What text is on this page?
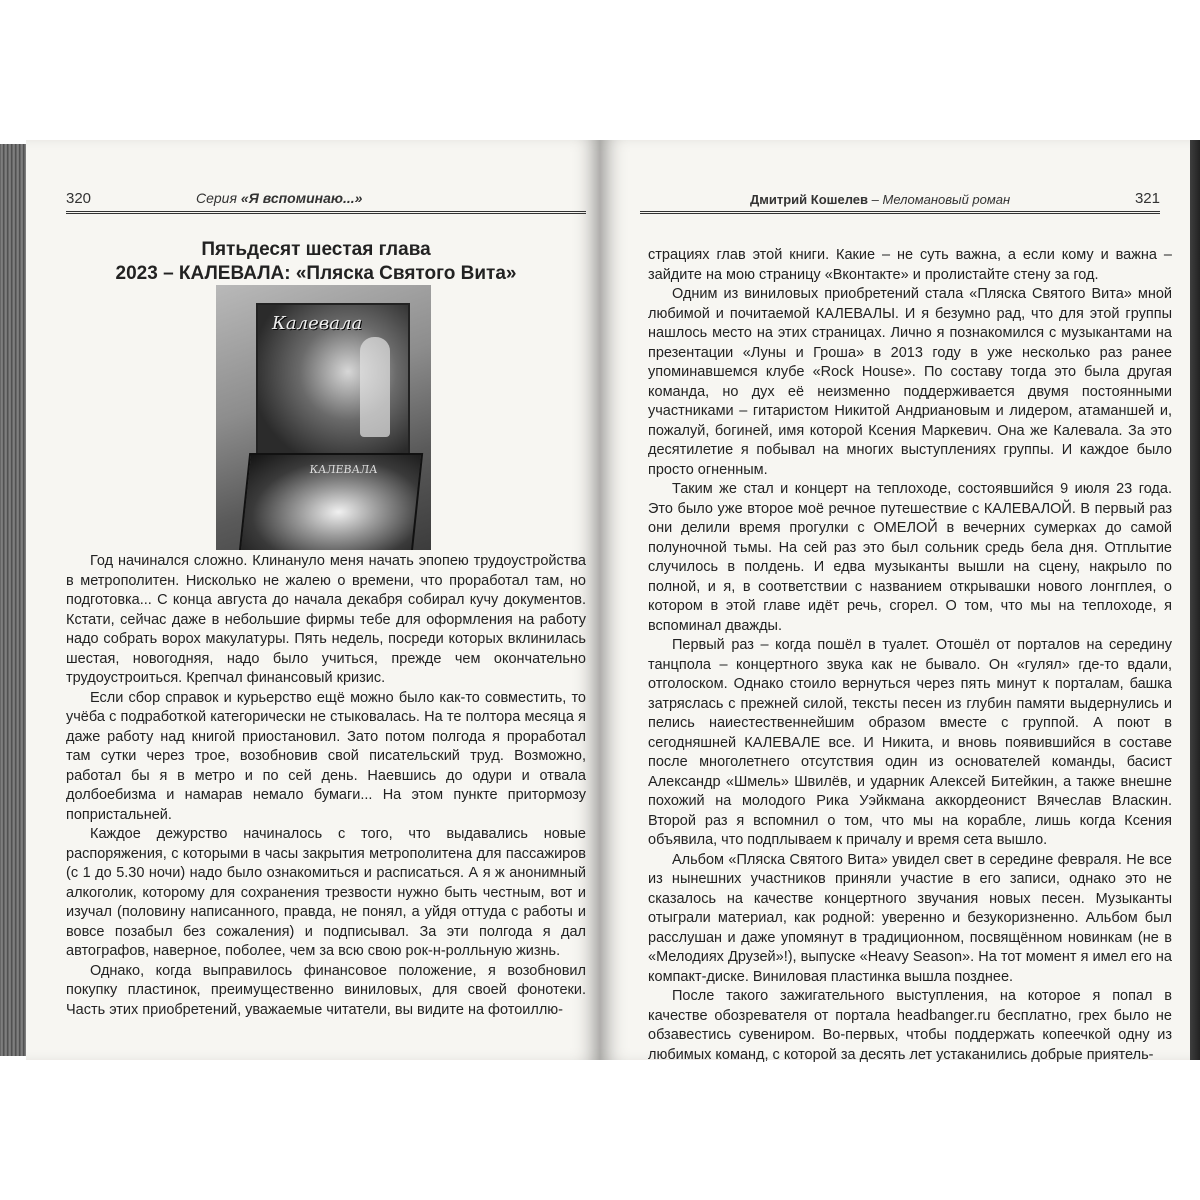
320	Серия «Я вспоминаю...»
Пятьдесят шестая глава
2023 – КАЛЕВАЛА: «Пляска Святого Вита»
Калевала
КАЛЕВАЛА

Год начинался сложно. Клинануло меня начать эпопею трудоустройства в метрополитен. Нисколько не жалею о времени, что проработал там, но подготовка... С конца августа до начала декабря собирал кучу документов. Кстати, сейчас даже в небольшие фирмы тебе для оформления на работу надо собрать ворох макулатуры. Пять недель, посреди которых вклинилась шестая, новогодняя, надо было учиться, прежде чем окончательно трудоустроиться. Крепчал финансовый кризис.

Если сбор справок и курьерство ещё можно было как-то совместить, то учёба с подработкой категорически не стыковалась. На те полтора месяца я даже работу над книгой приостановил. Зато потом полгода я проработал там сутки через трое, возобновив свой писательский труд. Возможно, работал бы я в метро и по сей день. Наевшись до одури и отвала долбоебизма и намарав немало бумаги... На этом пункте притормозу попристальней.

Каждое дежурство начиналось с того, что выдавались новые распоряжения, с которыми в часы закрытия метрополитена для пассажиров (с 1 до 5.30 ночи) надо было ознакомиться и расписаться. А я ж анонимный алкоголик, которому для сохранения трезвости нужно быть честным, вот и изучал (половину написанного, правда, не понял, а уйдя оттуда с работы и вовсе позабыл без сожаления) и подписывал. За эти полгода я дал автографов, наверное, поболее, чем за всю свою рок-н-ролльную жизнь.

Однако, когда выправилось финансовое положение, я возобновил покупку пластинок, преимущественно виниловых, для своей фонотеки. Часть этих приобретений, уважаемые читатели, вы видите на фотоиллю-

Дмитрий Кошелев – Меломановый роман	321

страциях глав этой книги. Какие – не суть важна, а если кому и важна – зайдите на мою страницу «Вконтакте» и пролистайте стену за год.

Одним из виниловых приобретений стала «Пляска Святого Вита» мной любимой и почитаемой КАЛЕВАЛЫ. И я безумно рад, что для этой группы нашлось место на этих страницах. Лично я познакомился с музыкантами на презентации «Луны и Гроша» в 2013 году в уже несколько раз ранее упоминавшемся клубе «Rock House». По составу тогда это была другая команда, но дух её неизменно поддерживается двумя постоянными участниками – гитаристом Никитой Андриановым и лидером, атаманшей и, пожалуй, богиней, имя которой Ксения Маркевич. Она же Калевала. За это десятилетие я побывал на многих выступлениях группы. И каждое было просто огненным.

Таким же стал и концерт на теплоходе, состоявшийся 9 июля 23 года. Это было уже второе моё речное путешествие с КАЛЕВАЛОЙ. В первый раз они делили время прогулки с ОМЕЛОЙ в вечерних сумерках до самой полуночной тьмы. На сей раз это был сольник средь бела дня. Отплытие случилось в полдень. И едва музыканты вышли на сцену, накрыло по полной, и я, в соответствии с названием открывашки нового лонгплея, о котором в этой главе идёт речь, сгорел. О том, что мы на теплоходе, я вспоминал дважды.

Первый раз – когда пошёл в туалет. Отошёл от порталов на середину танцпола – концертного звука как не бывало. Он «гулял» где-то вдали, отголоском. Однако стоило вернуться через пять минут к порталам, башка затряслась с прежней силой, тексты песен из глубин памяти выдернулись и пелись наиестественнейшим образом вместе с группой. А поют в сегодняшней КАЛЕВАЛЕ все. И Никита, и вновь появившийся в составе после многолетнего отсутствия один из основателей команды, басист Александр «Шмель» Швилёв, и ударник Алексей Битейкин, а также внешне похожий на молодого Рика Уэйкмана аккордеонист Вячеслав Власкин. Второй раз я вспомнил о том, что мы на корабле, лишь когда Ксения объявила, что подплываем к причалу и время сета вышло.

Альбом «Пляска Святого Вита» увидел свет в середине февраля. Не все из нынешних участников приняли участие в его записи, однако это не сказалось на качестве концертного звучания новых песен. Музыканты отыграли материал, как родной: уверенно и безукоризненно. Альбом был расслушан и даже упомянут в традиционном, посвящённом новинкам (не в «Мелодиях Друзей»!), выпуске «Heavy Season». На тот момент я имел его на компакт-диске. Виниловая пластинка вышла позднее.

После такого зажигательного выступления, на которое я попал в качестве обозревателя от портала headbanger.ru бесплатно, грех было не обзавестись сувениром. Во-первых, чтобы поддержать копеечкой одну из любимых команд, с которой за десять лет устаканились добрые приятель-
